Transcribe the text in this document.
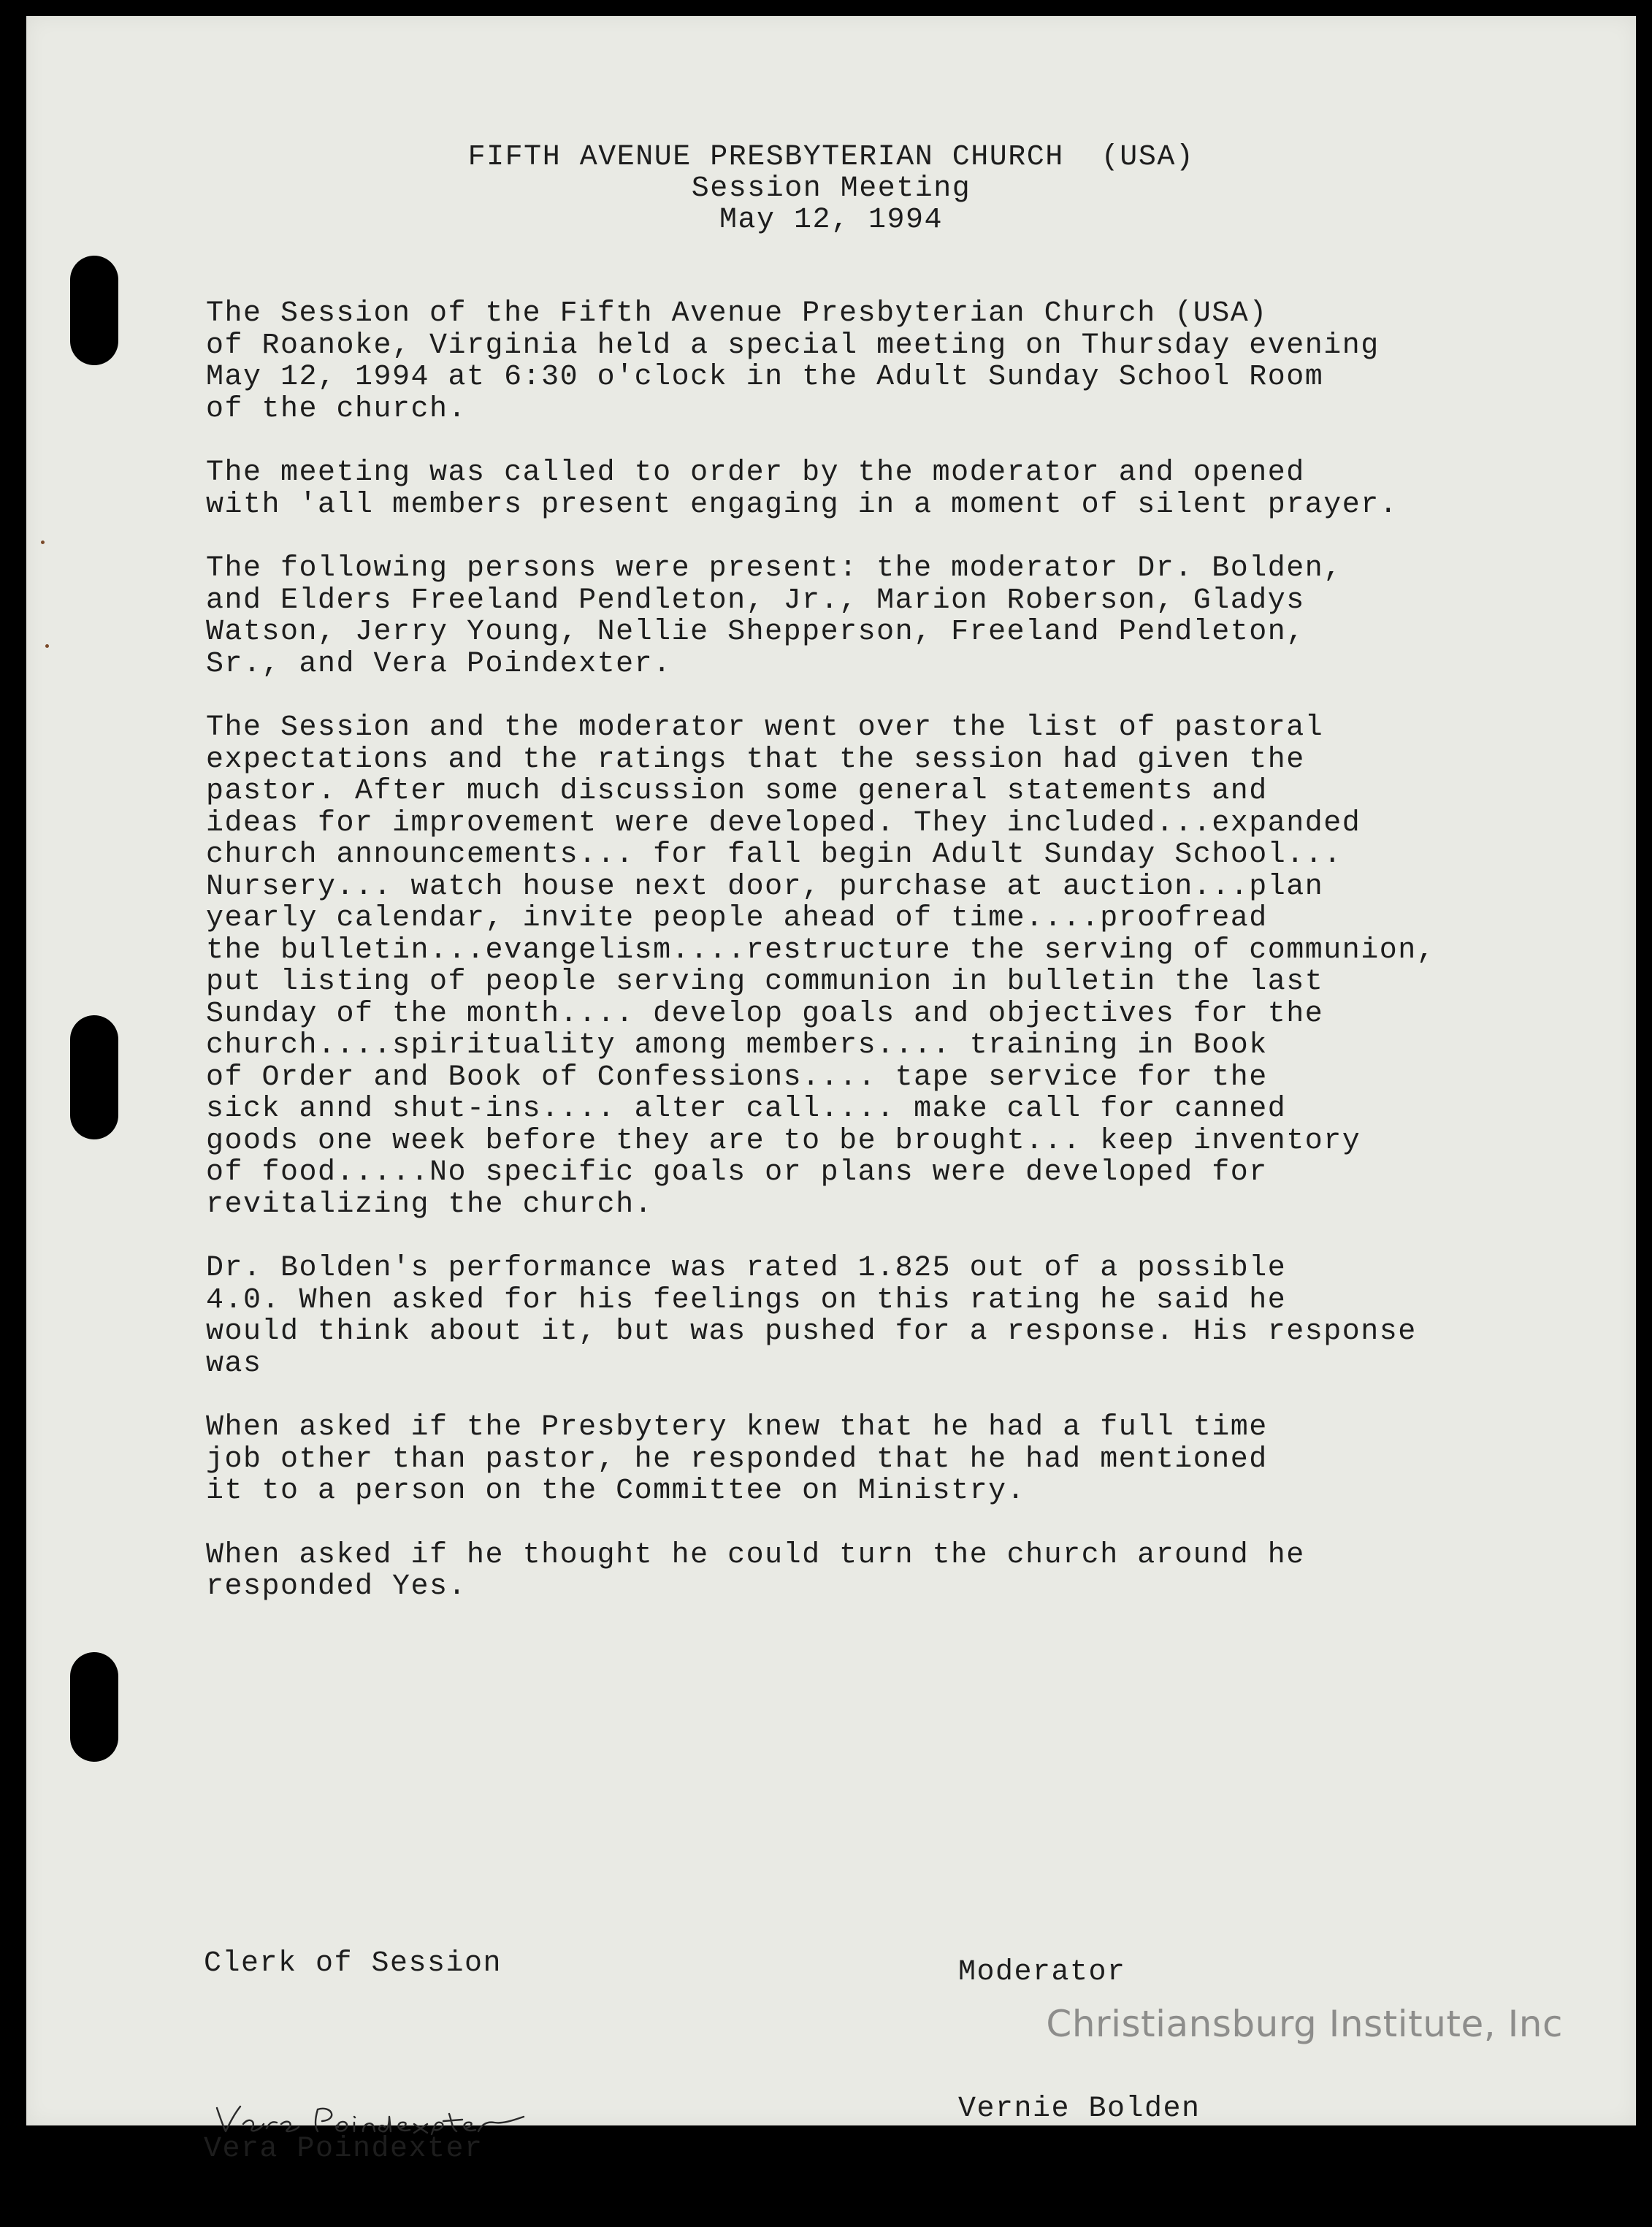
FIFTH AVENUE PRESBYTERIAN CHURCH  (USA)
Session Meeting
May 12, 1994
The Session of the Fifth Avenue Presbyterian Church (USA)
of Roanoke, Virginia held a special meeting on Thursday evening
May 12, 1994 at 6:30 o'clock in the Adult Sunday School Room
of the church.
The meeting was called to order by the moderator and opened
with 'all members present engaging in a moment of silent prayer.
The following persons were present: the moderator Dr. Bolden,
and Elders Freeland Pendleton, Jr., Marion Roberson, Gladys
Watson, Jerry Young, Nellie Shepperson, Freeland Pendleton,
Sr., and Vera Poindexter.
The Session and the moderator went over the list of pastoral
expectations and the ratings that the session had given the
pastor. After much discussion some general statements and
ideas for improvement were developed. They included...expanded
church announcements... for fall begin Adult Sunday School...
Nursery... watch house next door, purchase at auction...plan
yearly calendar, invite people ahead of time....proofread
the bulletin...evangelism....restructure the serving of communion,
put listing of people serving communion in bulletin the last
Sunday of the month.... develop goals and objectives for the
church....spirituality among members.... training in Book
of Order and Book of Confessions.... tape service for the
sick annd shut-ins.... alter call.... make call for canned
goods one week before they are to be brought... keep inventory
of food.....No specific goals or plans were developed for
revitalizing the church.
Dr. Bolden's performance was rated 1.825 out of a possible
4.0. When asked for his feelings on this rating he said he
would think about it, but was pushed for a response. His response
was
When asked if the Presbytery knew that he had a full time
job other than pastor, he responded that he had mentioned
it to a person on the Committee on Ministry.
When asked if he thought he could turn the church around he
responded Yes.

Clerk of Session

Vera Poindexter

Moderator

Vernie Bolden

Christiansburg Institute, Inc
